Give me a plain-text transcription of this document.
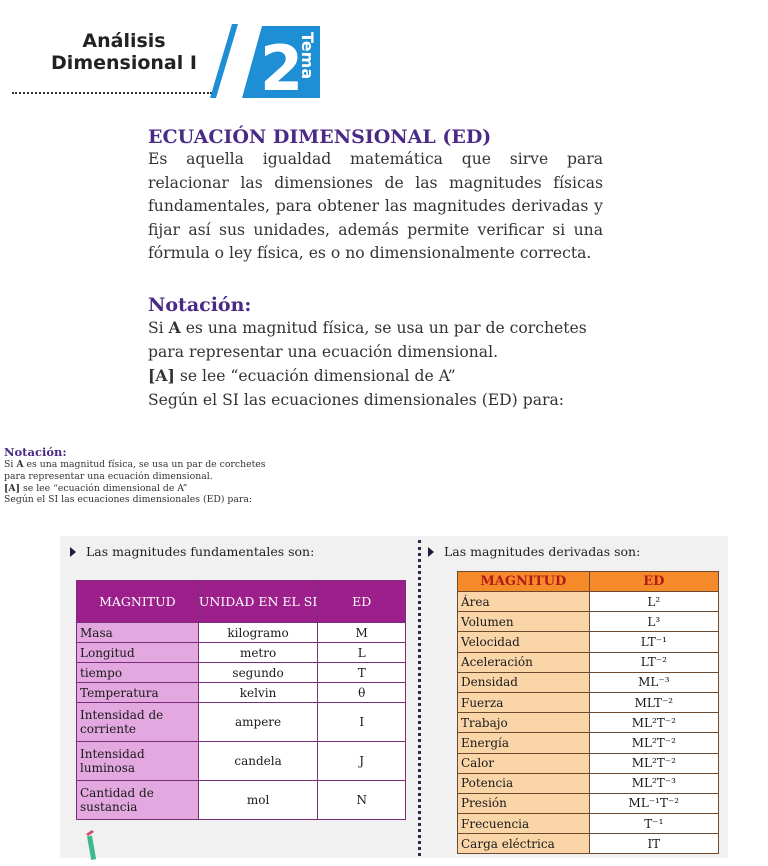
Análisis
Dimensional I 2
Tema
ECUACIÓN DIMENSIONAL (ED)

Es aquella igualdad matemática que sirve para relacionar las dimensiones de las magnitudes físicas fundamentales, para obtener las magnitudes derivadas y fijar así sus unidades, además permite verificar si una fórmula o ley física, es o no dimensionalmente correcta.

Notación:
Si A es una magnitud física, se usa un par de corchetes
para representar una ecuación dimensional.
[A] se lee “ecuación dimensional de A”
Según el SI las ecuaciones dimensionales (ED) para:
Notación:
Si A es una magnitud física, se usa un par de corchetes
para representar una ecuación dimensional.
[A] se lee “ecuación dimensional de A”
Según el SI las ecuaciones dimensionales (ED) para:
Las magnitudes fundamentales son:	Las magnitudes derivadas son:
MAGNITUD	UNIDAD EN EL SI	ED
Masa	kilogramo	M
Longitud	metro	L
tiempo	segundo	T
Temperatura	kelvin	θ
Intensidad de corriente	ampere	I
Intensidad luminosa	candela	J
Cantidad de sustancia	mol	N
MAGNITUD	ED
Área	L²
Volumen	L³
Velocidad	LT⁻¹
Aceleración	LT⁻²
Densidad	ML⁻³
Fuerza	MLT⁻²
Trabajo	ML²T⁻²
Energía	ML²T⁻²
Calor	ML²T⁻²
Potencia	ML²T⁻³
Presión	ML⁻¹T⁻²
Frecuencia	T⁻¹
Carga eléctrica	IT
